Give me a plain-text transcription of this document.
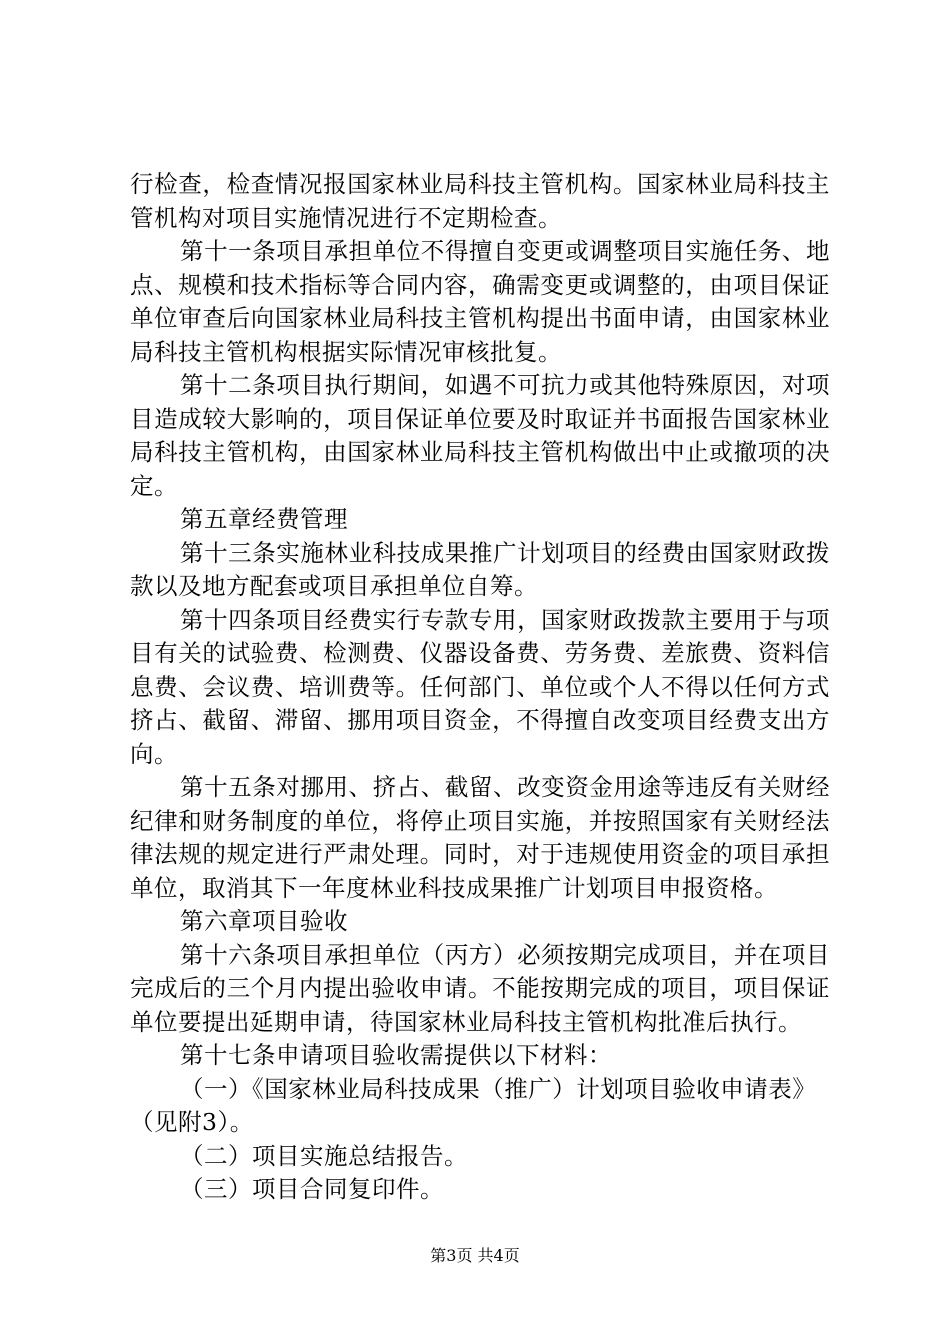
行检查，检查情况报国家林业局科技主管机构。国家林业局科技主管机构对项目实施情况进行不定期检查。

第十一条项目承担单位不得擅自变更或调整项目实施任务、地点、规模和技术指标等合同内容，确需变更或调整的，由项目保证单位审查后向国家林业局科技主管机构提出书面申请，由国家林业局科技主管机构根据实际情况审核批复。

第十二条项目执行期间，如遇不可抗力或其他特殊原因，对项目造成较大影响的，项目保证单位要及时取证并书面报告国家林业局科技主管机构，由国家林业局科技主管机构做出中止或撤项的决定。

第五章经费管理

第十三条实施林业科技成果推广计划项目的经费由国家财政拨款以及地方配套或项目承担单位自筹。

第十四条项目经费实行专款专用，国家财政拨款主要用于与项目有关的试验费、检测费、仪器设备费、劳务费、差旅费、资料信息费、会议费、培训费等。任何部门、单位或个人不得以任何方式挤占、截留、滞留、挪用项目资金，不得擅自改变项目经费支出方向。

第十五条对挪用、挤占、截留、改变资金用途等违反有关财经纪律和财务制度的单位，将停止项目实施，并按照国家有关财经法律法规的规定进行严肃处理。同时，对于违规使用资金的项目承担单位，取消其下一年度林业科技成果推广计划项目申报资格。

第六章项目验收

第十六条项目承担单位（丙方）必须按期完成项目，并在项目完成后的三个月内提出验收申请。不能按期完成的项目，项目保证单位要提出延期申请，待国家林业局科技主管机构批准后执行。

第十七条申请项目验收需提供以下材料：

（一）《国家林业局科技成果（推广）计划项目验收申请表》（见附3）。

（二）项目实施总结报告。

（三）项目合同复印件。

第3页 共4页
